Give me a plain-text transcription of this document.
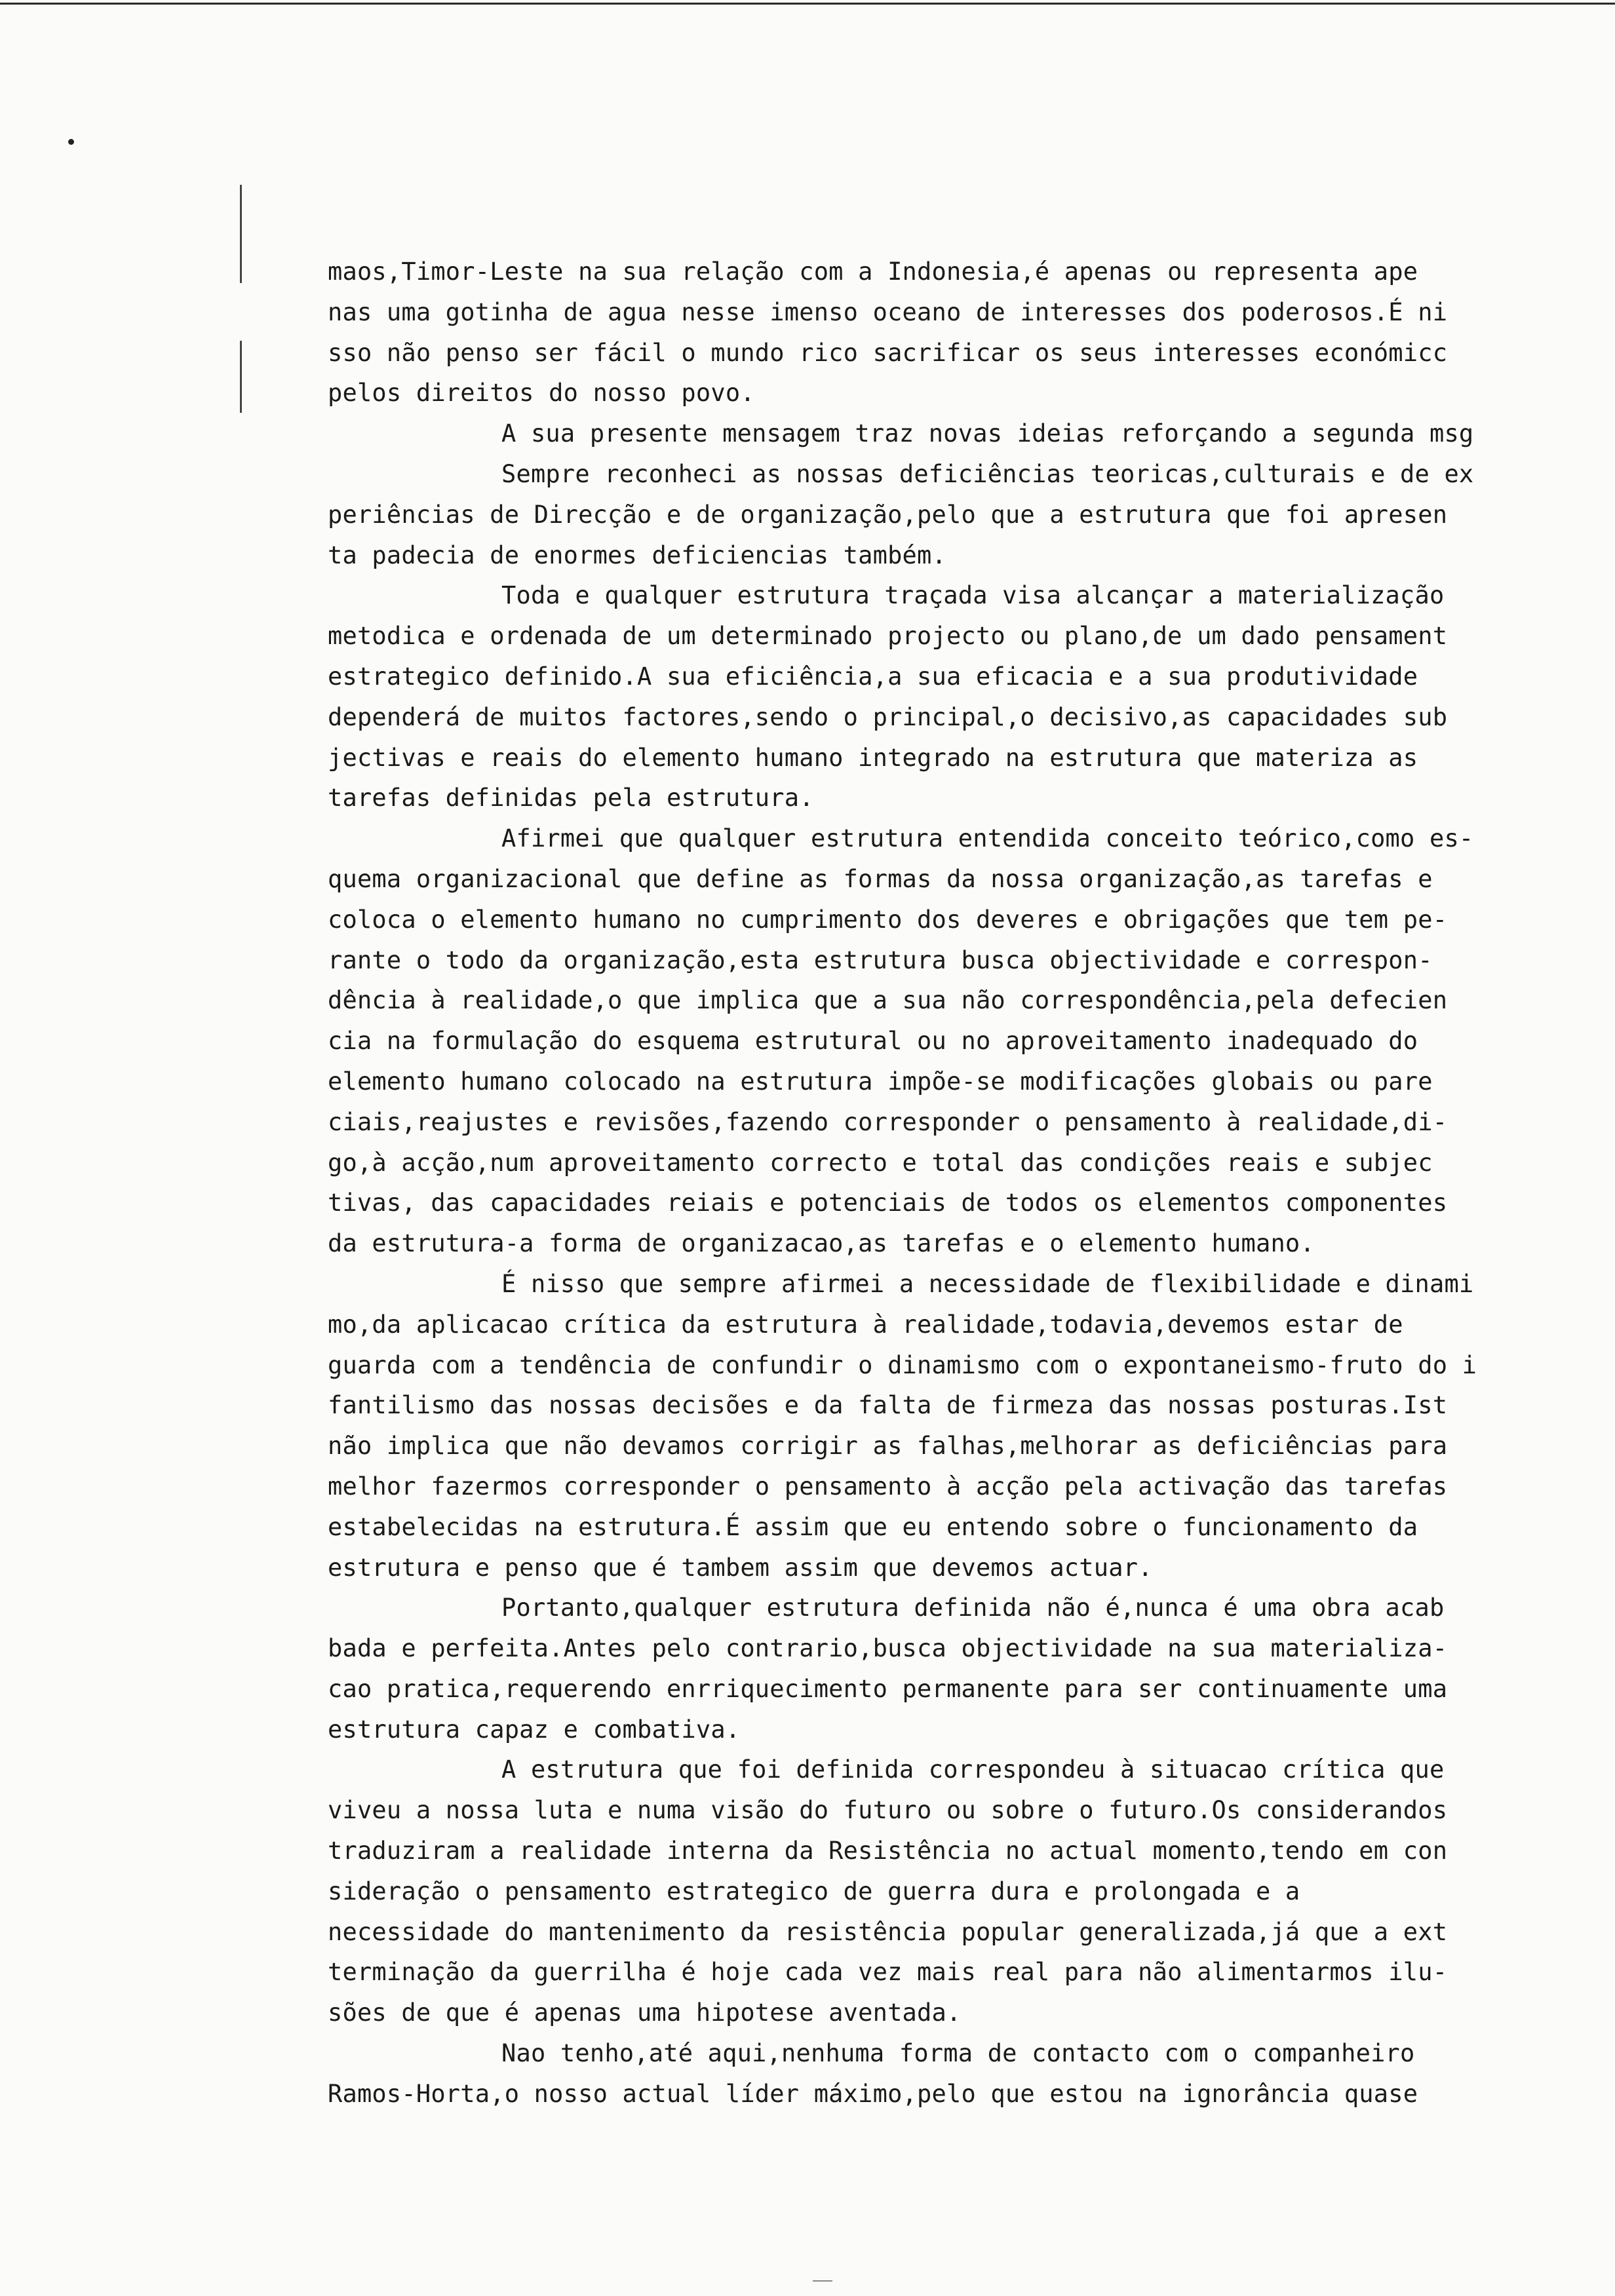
maos,Timor-Leste na sua relação com a Indonesia,é apenas ou representa ape
nas uma gotinha de agua nesse imenso oceano de interesses dos poderosos.É ni
sso não penso ser fácil o mundo rico sacrificar os seus interesses económicc
pelos direitos do nosso povo.
A sua presente mensagem traz novas ideias reforçando a segunda msg
Sempre reconheci as nossas deficiências teoricas,culturais e de ex
periências de Direcção e de organização,pelo que a estrutura que foi apresen
ta padecia de enormes deficiencias também.
Toda e qualquer estrutura traçada visa alcançar a materialização
metodica e ordenada de um determinado projecto ou plano,de um dado pensament
estrategico definido.A sua eficiência,a sua eficacia e a sua produtividade
dependerá de muitos factores,sendo o principal,o decisivo,as capacidades sub
jectivas e reais do elemento humano integrado na estrutura que materiza as
tarefas definidas pela estrutura.
Afirmei que qualquer estrutura entendida conceito teórico,como es-
quema organizacional que define as formas da nossa organização,as tarefas e
coloca o elemento humano no cumprimento dos deveres e obrigações que tem pe-
rante o todo da organização,esta estrutura busca objectividade e correspon-
dência à realidade,o que implica que a sua não correspondência,pela defecien
cia na formulação do esquema estrutural ou no aproveitamento inadequado do
elemento humano colocado na estrutura impõe-se modificações globais ou pare
ciais,reajustes e revisões,fazendo corresponder o pensamento à realidade,di-
go,à acção,num aproveitamento correcto e total das condições reais e subjec
tivas, das capacidades reiais e potenciais de todos os elementos componentes
da estrutura-a forma de organizacao,as tarefas e o elemento humano.
É nisso que sempre afirmei a necessidade de flexibilidade e dinami
mo,da aplicacao crítica da estrutura à realidade,todavia,devemos estar de
guarda com a tendência de confundir o dinamismo com o expontaneismo-fruto do i
fantilismo das nossas decisões e da falta de firmeza das nossas posturas.Ist
não implica que não devamos corrigir as falhas,melhorar as deficiências para
melhor fazermos corresponder o pensamento à acção pela activação das tarefas
estabelecidas na estrutura.É assim que eu entendo sobre o funcionamento da
estrutura e penso que é tambem assim que devemos actuar.
Portanto,qualquer estrutura definida não é,nunca é uma obra acab
bada e perfeita.Antes pelo contrario,busca objectividade na sua materializa-
cao pratica,requerendo enrriquecimento permanente para ser continuamente uma
estrutura capaz e combativa.
A estrutura que foi definida correspondeu à situacao crítica que
viveu a nossa luta e numa visão do futuro ou sobre o futuro.Os considerandos
traduziram a realidade interna da Resistência no actual momento,tendo em con
sideração o pensamento estrategico de guerra dura e prolongada e a
necessidade do mantenimento da resistência popular generalizada,já que a ext
terminação da guerrilha é hoje cada vez mais real para não alimentarmos ilu-
sões de que é apenas uma hipotese aventada.
Nao tenho,até aqui,nenhuma forma de contacto com o companheiro
Ramos-Horta,o nosso actual líder máximo,pelo que estou na ignorância quase
